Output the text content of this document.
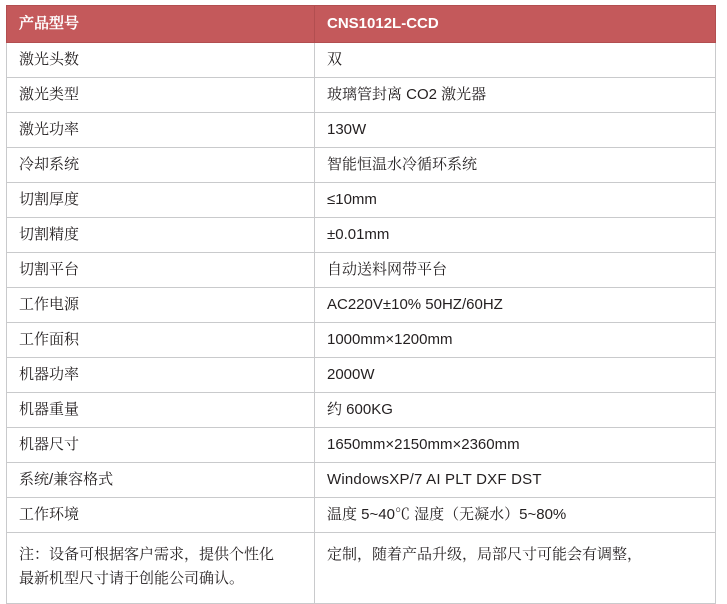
产品型号	CNS1012L-CCD
激光头数	双
激光类型	玻璃管封离 CO2 激光器
激光功率	130W
冷却系统	智能恒温水冷循环系统
切割厚度	≤10mm
切割精度	±0.01mm
切割平台	自动送料网带平台
工作电源	AC220V±10% 50HZ/60HZ
工作面积	1000mm×1200mm
机器功率	2000W
机器重量	约 600KG
机器尺寸	1650mm×2150mm×2360mm
系统/兼容格式	WindowsXP/7 AI PLT DXF DST
工作环境	温度 5~40℃ 湿度（无凝水）5~80%

注：设备可根据客户需求，提供个性化
最新机型尺寸请于创能公司确认。	定制，随着产品升级，局部尺寸可能会有调整，
